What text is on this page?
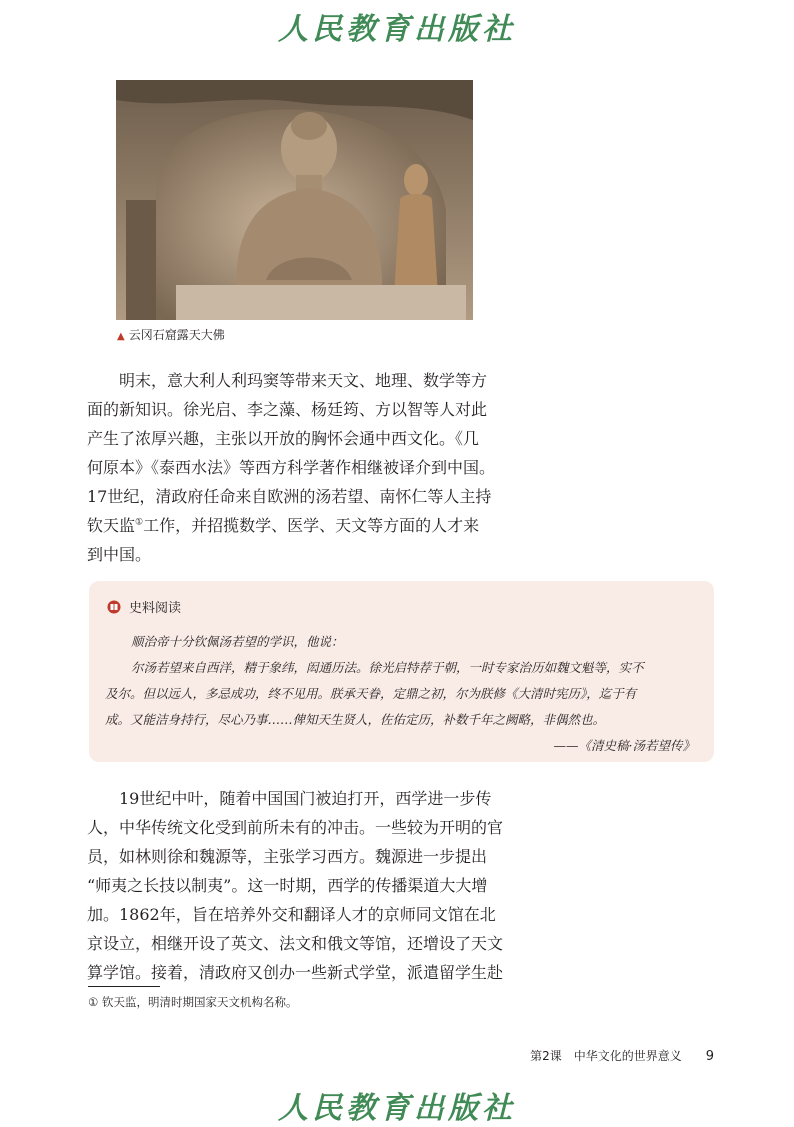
人民教育出版社
▲ 云冈石窟露天大佛
明末，意大利人利玛窦等带来天文、地理、数学等方
面的新知识。徐光启、李之藻、杨廷筠、方以智等人对此
产生了浓厚兴趣，主张以开放的胸怀会通中西文化。《几
何原本》《泰西水法》等西方科学著作相继被译介到中国。
17世纪，清政府任命来自欧洲的汤若望、南怀仁等人主持
钦天监①工作，并招揽数学、医学、天文等方面的人才来
到中国。
史料阅读
顺治帝十分钦佩汤若望的学识，他说：
尔汤若望来自西洋，精于象纬，闳通历法。徐光启特荐于朝，一时专家治历如魏文魁等，实不
及尔。但以远人，多忌成功，终不见用。朕承天眷，定鼎之初，尔为朕修《大清时宪历》，迄于有
成。又能洁身持行，尽心乃事……俾知天生贤人，佐佑定历，补数千年之阙略，非偶然也。
——《清史稿·汤若望传》
19世纪中叶，随着中国国门被迫打开，西学进一步传
人，中华传统文化受到前所未有的冲击。一些较为开明的官
员，如林则徐和魏源等，主张学习西方。魏源进一步提出
“师夷之长技以制夷”。这一时期，西学的传播渠道大大增
加。1862年，旨在培养外交和翻译人才的京师同文馆在北
京设立，相继开设了英文、法文和俄文等馆，还增设了天文
算学馆。接着，清政府又创办一些新式学堂，派遣留学生赴
① 钦天监，明清时期国家天文机构名称。
第2课　中华文化的世界意义 9
人民教育出版社
